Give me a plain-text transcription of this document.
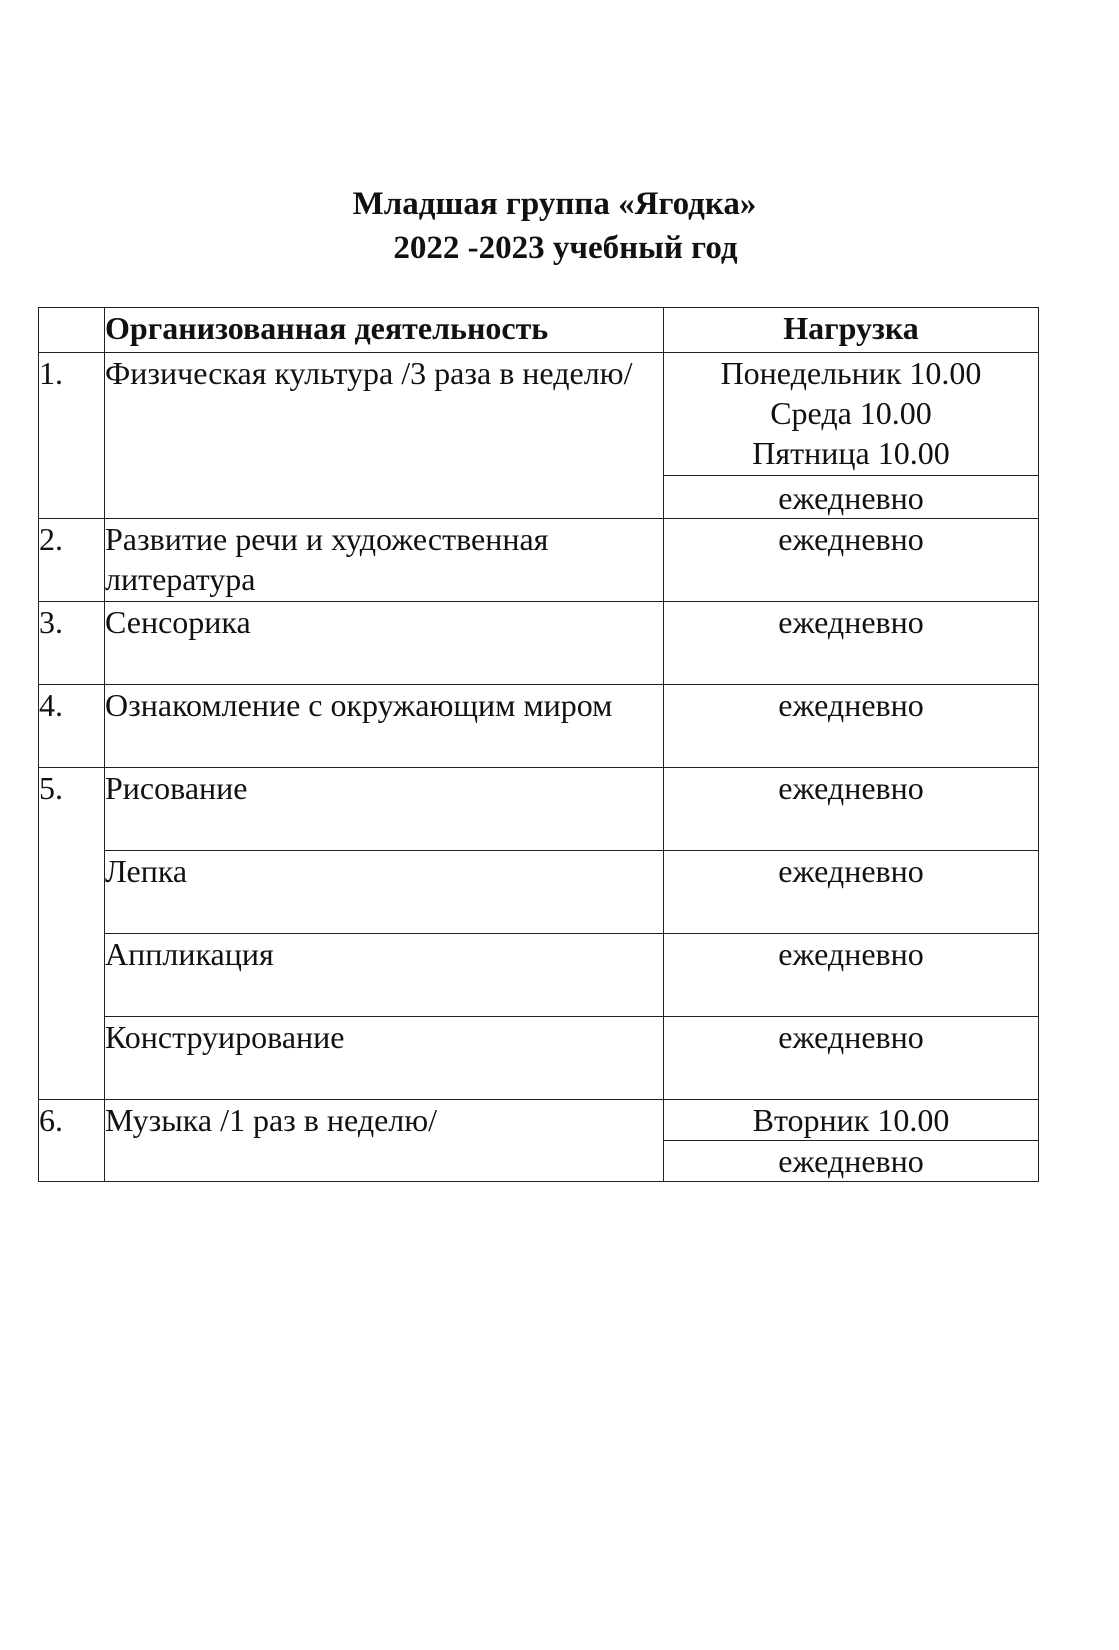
Младшая группа «Ягодка»
2022 -2023 учебный год
	Организованная деятельность	Нагрузка
1.	Физическая культура /3 раза в неделю/	Понедельник 10.00
Среда 10.00
Пятница 10.00

		ежедневно
2.	Развитие речи и художественная литература	ежедневно
3.	Сенсорика	ежедневно
4.	Ознакомление с окружающим миром	ежедневно
5.	Рисование	ежедневно
	Лепка	ежедневно
	Аппликация	ежедневно
	Конструирование	ежедневно
6.	Музыка /1 раз в неделю/	Вторник 10.00
		ежедневно
